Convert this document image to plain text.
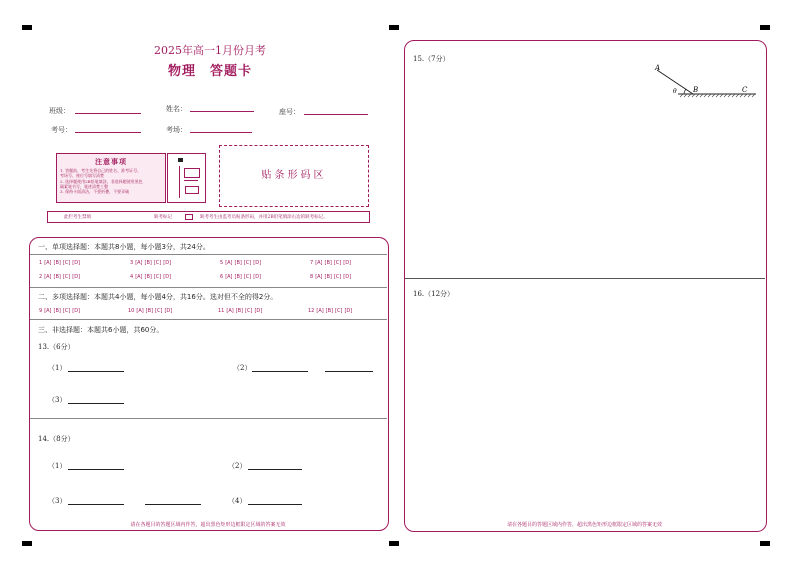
2025年高一1月份月考
物理　答题卡
班级：	姓名：	座号：
考号：	考场：
注意事项
1. 答题前，考生先将自己的姓名、准考证号、
考场号、座位号填写清楚
2. 选择题使用2B铅笔填涂，非选择题使用黑色
碳素笔书写，笔迹清楚工整
3. 保持卡面清洁，不要折叠，不要弄破
贴条形码区
此栏考生禁填	缺考标记	缺考考生由监考员贴条形码，并用2B铅笔填涂右边的缺考标记。
一、单项选择题：本题共8小题，每小题3分，共24分。
1 [A] [B] [C] [D]	3 [A] [B] [C] [D]	5 [A] [B] [C] [D]	7 [A] [B] [C] [D]
2 [A] [B] [C] [D]	4 [A] [B] [C] [D]	6 [A] [B] [C] [D]	8 [A] [B] [C] [D]
二、多项选择题：本题共4小题，每小题4分，共16分。选对但不全的得2分。
9 [A] [B] [C] [D]	10 [A] [B] [C] [D]	11 [A] [B] [C] [D]	12 [A] [B] [C] [D]
三、非选择题：本题共6小题，共60分。
13.（6分）
（1）	（2）
（3）
14.（8分）
（1）	（2）
（3）	（4）
请在各题目的答题区域内作答，超出黑色矩形边框限定区域的答案无效
15.（7分）
A
B	C
θ
16.（12分）
请在各题目的答题区域内作答，超出黑色矩形边框限定区域的答案无效
